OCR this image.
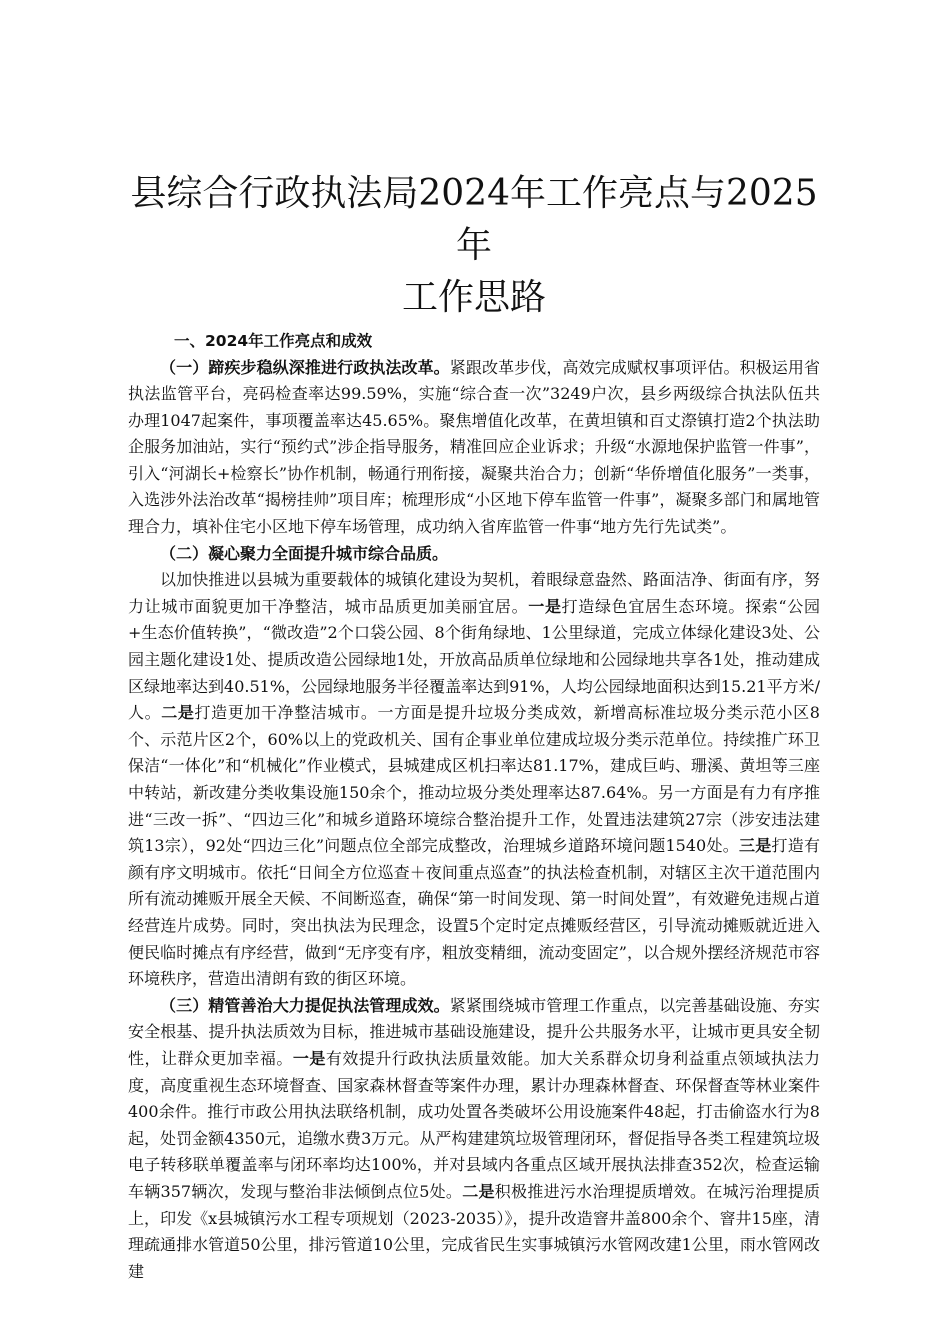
县综合行政执法局2024年工作亮点与2025年
工作思路

一、2024年工作亮点和成效

（一）蹄疾步稳纵深推进行政执法改革。紧跟改革步伐，高效完成赋权事项评估。积极运用省执法监管平台，亮码检查率达99.59%，实施“综合查一次”3249户次，县乡两级综合执法队伍共办理1047起案件，事项覆盖率达45.65%。聚焦增值化改革，在黄坦镇和百丈漈镇打造2个执法助企服务加油站，实行“预约式”涉企指导服务，精准回应企业诉求；升级“水源地保护监管一件事”，引入“河湖长+检察长”协作机制，畅通行刑衔接，凝聚共治合力；创新“华侨增值化服务”一类事，入选涉外法治改革“揭榜挂帅”项目库；梳理形成“小区地下停车监管一件事”，凝聚多部门和属地管理合力，填补住宅小区地下停车场管理，成功纳入省库监管一件事“地方先行先试类”。

（二）凝心聚力全面提升城市综合品质。

以加快推进以县城为重要载体的城镇化建设为契机，着眼绿意盎然、路面洁净、街面有序，努力让城市面貌更加干净整洁，城市品质更加美丽宜居。一是打造绿色宜居生态环境。探索“公园+生态价值转换”，“微改造”2个口袋公园、8个街角绿地、1公里绿道，完成立体绿化建设3处、公园主题化建设1处、提质改造公园绿地1处，开放高品质单位绿地和公园绿地共享各1处，推动建成区绿地率达到40.51%，公园绿地服务半径覆盖率达到91%，人均公园绿地面积达到15.21平方米/人。二是打造更加干净整洁城市。一方面是提升垃圾分类成效，新增高标准垃圾分类示范小区8个、示范片区2个，60%以上的党政机关、国有企事业单位建成垃圾分类示范单位。持续推广环卫保洁“一体化”和“机械化”作业模式，县城建成区机扫率达81.17%，建成巨屿、珊溪、黄坦等三座中转站，新改建分类收集设施150余个，推动垃圾分类处理率达87.64%。另一方面是有力有序推进“三改一拆”、“四边三化”和城乡道路环境综合整治提升工作，处置违法建筑27宗（涉安违法建筑13宗），92处“四边三化”问题点位全部完成整改，治理城乡道路环境问题1540处。三是打造有颜有序文明城市。依托“日间全方位巡查＋夜间重点巡查”的执法检查机制，对辖区主次干道范围内所有流动摊贩开展全天候、不间断巡查，确保“第一时间发现、第一时间处置”，有效避免违规占道经营连片成势。同时，突出执法为民理念，设置5个定时定点摊贩经营区，引导流动摊贩就近进入便民临时摊点有序经营，做到“无序变有序，粗放变精细，流动变固定”，以合规外摆经济规范市容环境秩序，营造出清朗有致的街区环境。

（三）精管善治大力提促执法管理成效。紧紧围绕城市管理工作重点，以完善基础设施、夯实安全根基、提升执法质效为目标，推进城市基础设施建设，提升公共服务水平，让城市更具安全韧性，让群众更加幸福。一是有效提升行政执法质量效能。加大关系群众切身利益重点领域执法力度，高度重视生态环境督查、国家森林督查等案件办理，累计办理森林督查、环保督查等林业案件400余件。推行市政公用执法联络机制，成功处置各类破坏公用设施案件48起，打击偷盗水行为8起，处罚金额4350元，追缴水费3万元。从严构建建筑垃圾管理闭环，督促指导各类工程建筑垃圾电子转移联单覆盖率与闭环率均达100%，并对县域内各重点区域开展执法排查352次，检查运输车辆357辆次，发现与整治非法倾倒点位5处。二是积极推进污水治理提质增效。在城污治理提质上，印发《x县城镇污水工程专项规划（2023-2035）》，提升改造窨井盖800余个、窨井15座，清理疏通排水管道50公里，排污管道10公里，完成省民生实事城镇污水管网改建1公里，雨水管网改建
